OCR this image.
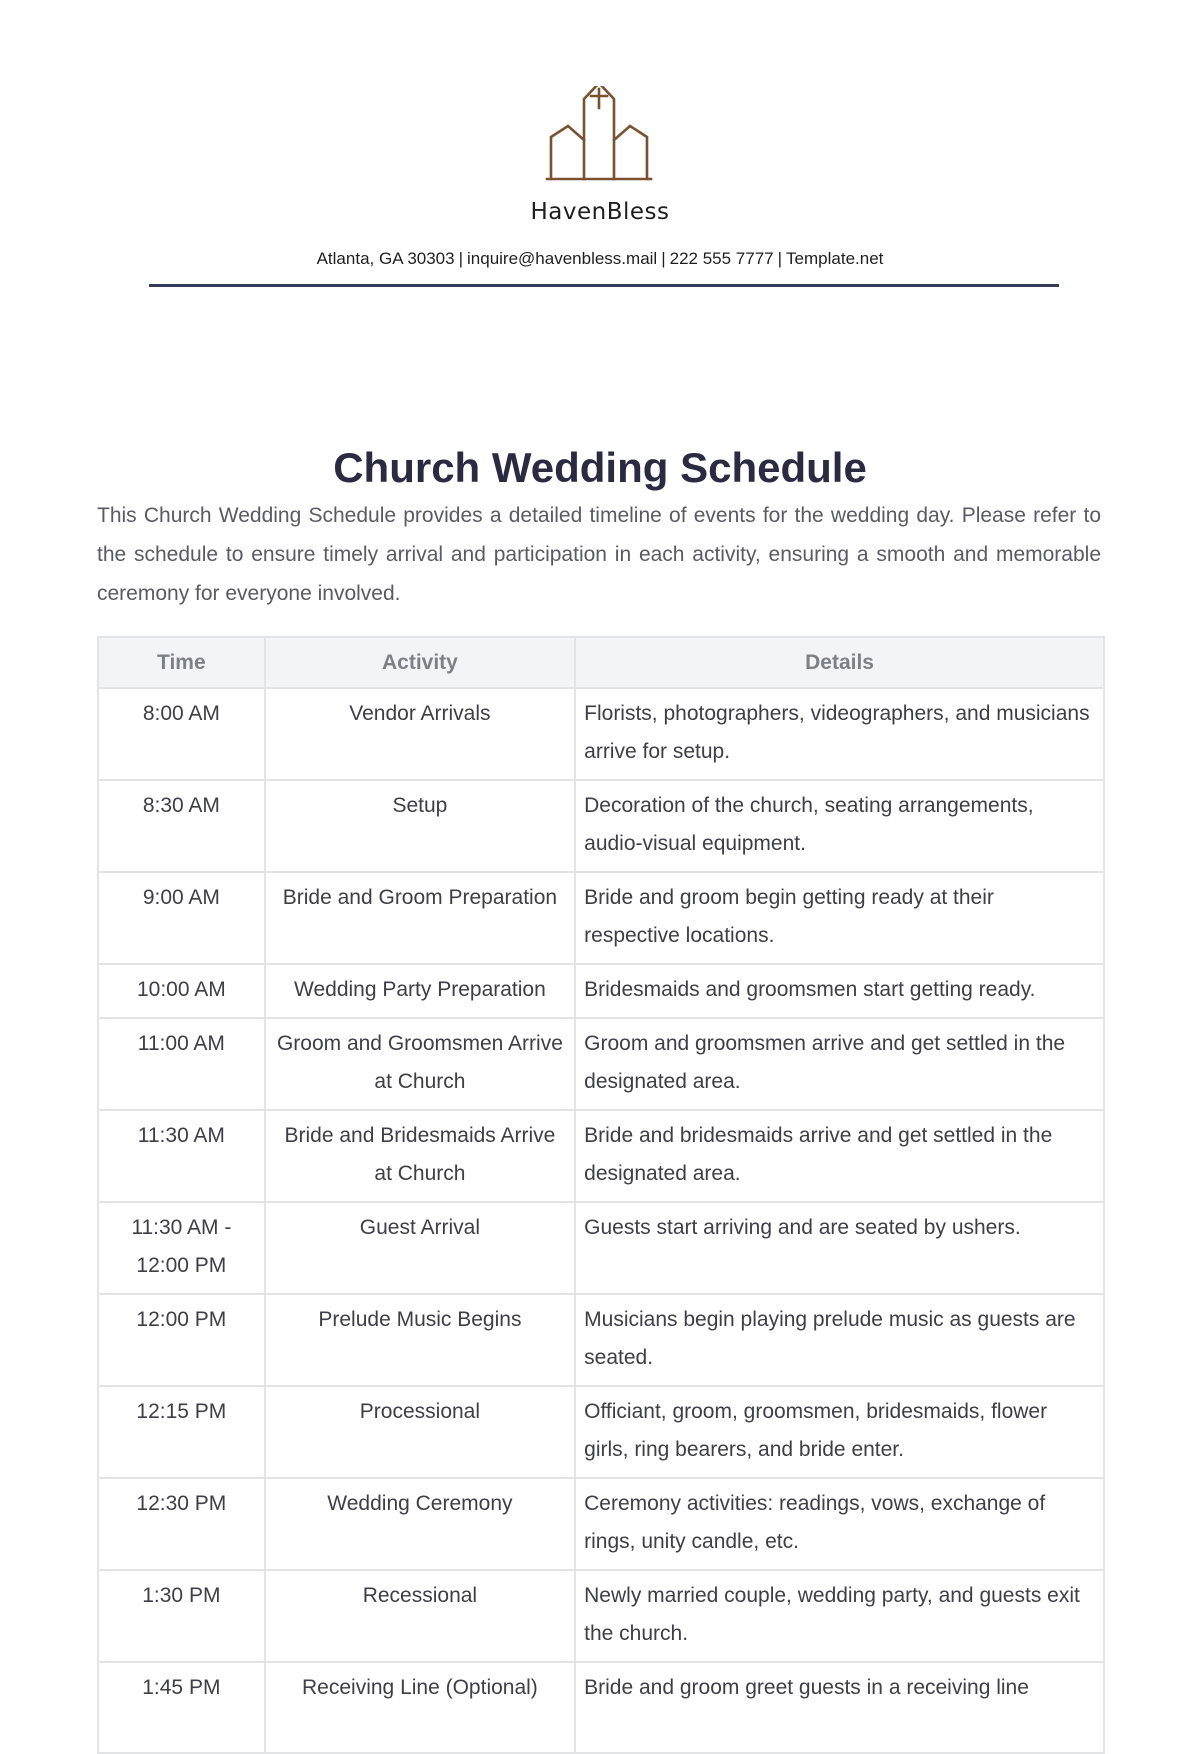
HavenBless
Atlanta, GA 30303 | inquire@havenbless.mail | 222 555 7777 | Template.net
Church Wedding Schedule

This Church Wedding Schedule provides a detailed timeline of events for the wedding day. Please refer to the schedule to ensure timely arrival and participation in each activity, ensuring a smooth and memorable ceremony for everyone involved.

Time	Activity	Details
8:00 AM	Vendor Arrivals	Florists, photographers, videographers, and musicians arrive for setup.
8:30 AM	Setup	Decoration of the church, seating arrangements, audio-visual equipment.
9:00 AM	Bride and Groom Preparation	Bride and groom begin getting ready at their respective locations.
10:00 AM	Wedding Party Preparation	Bridesmaids and groomsmen start getting ready.
11:00 AM	Groom and Groomsmen Arrive at Church	Groom and groomsmen arrive and get settled in the designated area.
11:30 AM	Bride and Bridesmaids Arrive at Church	Bride and bridesmaids arrive and get settled in the designated area.
11:30 AM - 12:00 PM	Guest Arrival	Guests start arriving and are seated by ushers.
12:00 PM	Prelude Music Begins	Musicians begin playing prelude music as guests are seated.
12:15 PM	Processional	Officiant, groom, groomsmen, bridesmaids, flower girls, ring bearers, and bride enter.
12:30 PM	Wedding Ceremony	Ceremony activities: readings, vows, exchange of rings, unity candle, etc.
1:30 PM	Recessional	Newly married couple, wedding party, and guests exit the church.
1:45 PM	Receiving Line (Optional)	Bride and groom greet guests in a receiving line
